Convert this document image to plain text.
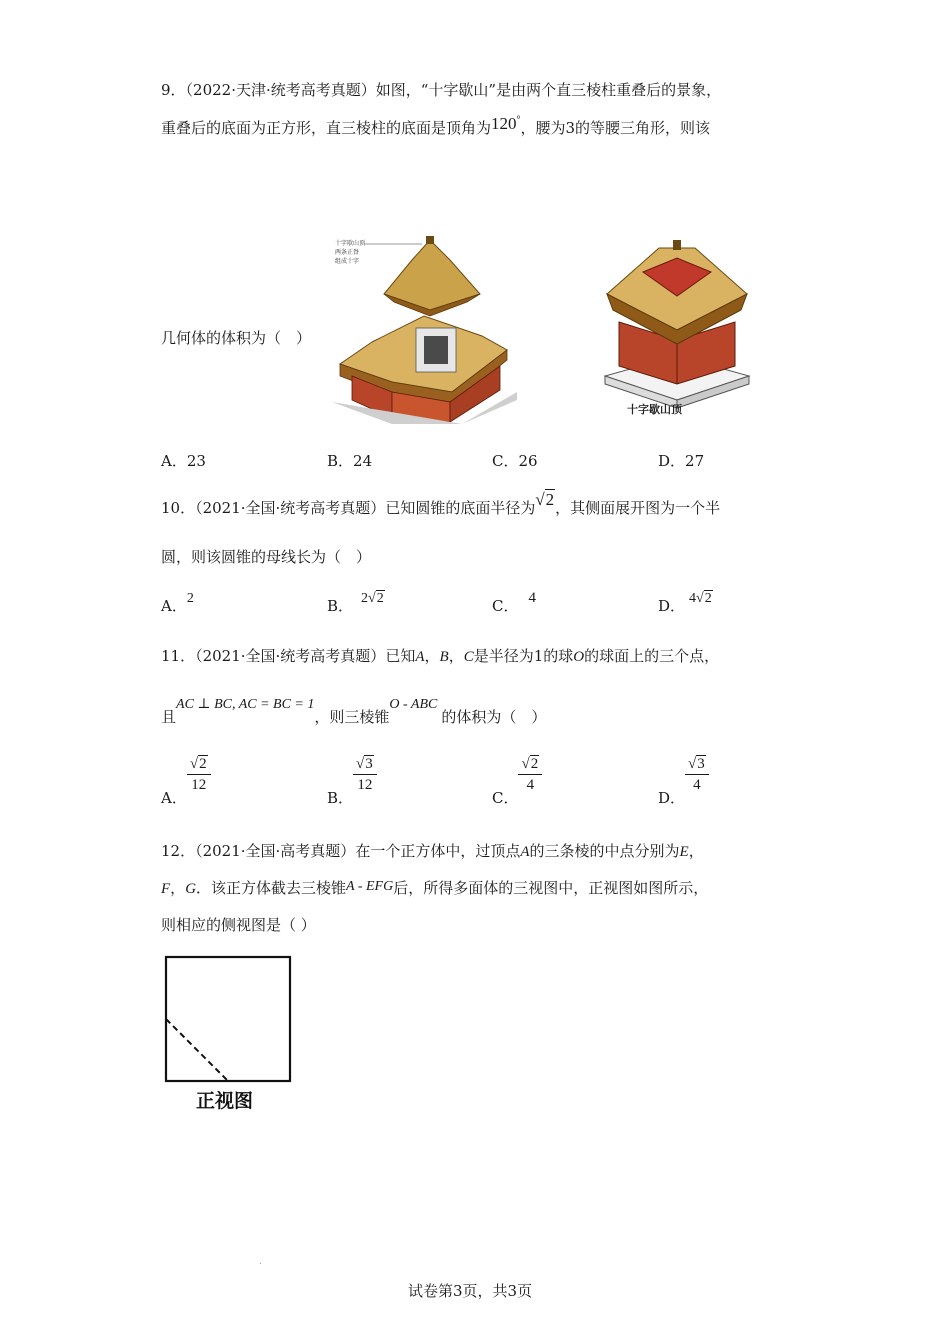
9．（2022·天津·统考高考真题）如图，“十字歇山”是由两个直三棱柱重叠后的景象，
重叠后的底面为正方形，直三棱柱的底面是顶角为120°，腰为3的等腰三角形，则该
几何体的体积为（　）
十字歇山顶
两条正脊
组成十字
十字歇山顶
A．23	B．24	C．26	D．27
10．（2021·全国·统考高考真题）已知圆锥的底面半径为√2，其侧面展开图为一个半
圆，则该圆锥的母线长为（　）
A．2	B． 2√2	C． 4	D． 4√2
11．（2021·全国·统考高考真题）已知A，B，C是半径为1的球O的球面上的三个点，
且AC ⊥ BC, AC = BC = 1，则三棱锥O - ABC的体积为（　）
A．
$\frac{√2}{12}$
B．
$\frac{√3}{12}$
C．
$\frac{√2}{4}$
D．
$\frac{√3}{4}$
12．（2021·全国·高考真题）在一个正方体中，过顶点A的三条棱的中点分别为E，
F，G．该正方体截去三棱锥A - EFG后，所得多面体的三视图中，正视图如图所示，
则相应的侧视图是（ ）
正视图
.
试卷第3页，共3页
